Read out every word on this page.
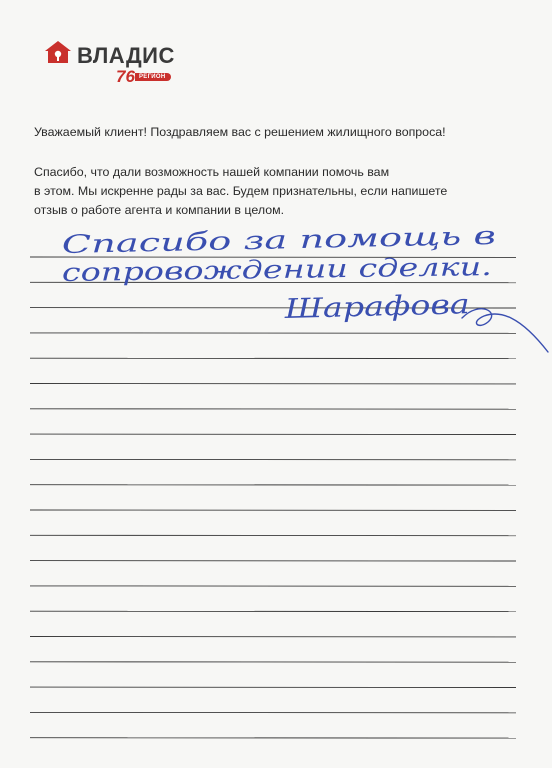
ВЛАДИС
76 РЕГИОН

Уважаемый клиент! Поздравляем вас с решением жилищного вопроса!

Спасибо, что дали возможность нашей компании помочь вам

в этом. Мы искренне рады за вас. Будем признательны, если напишете

отзыв о работе агента и компании в целом.

Спасибо за помощь в
сопровождении сделки.
Шарафова
